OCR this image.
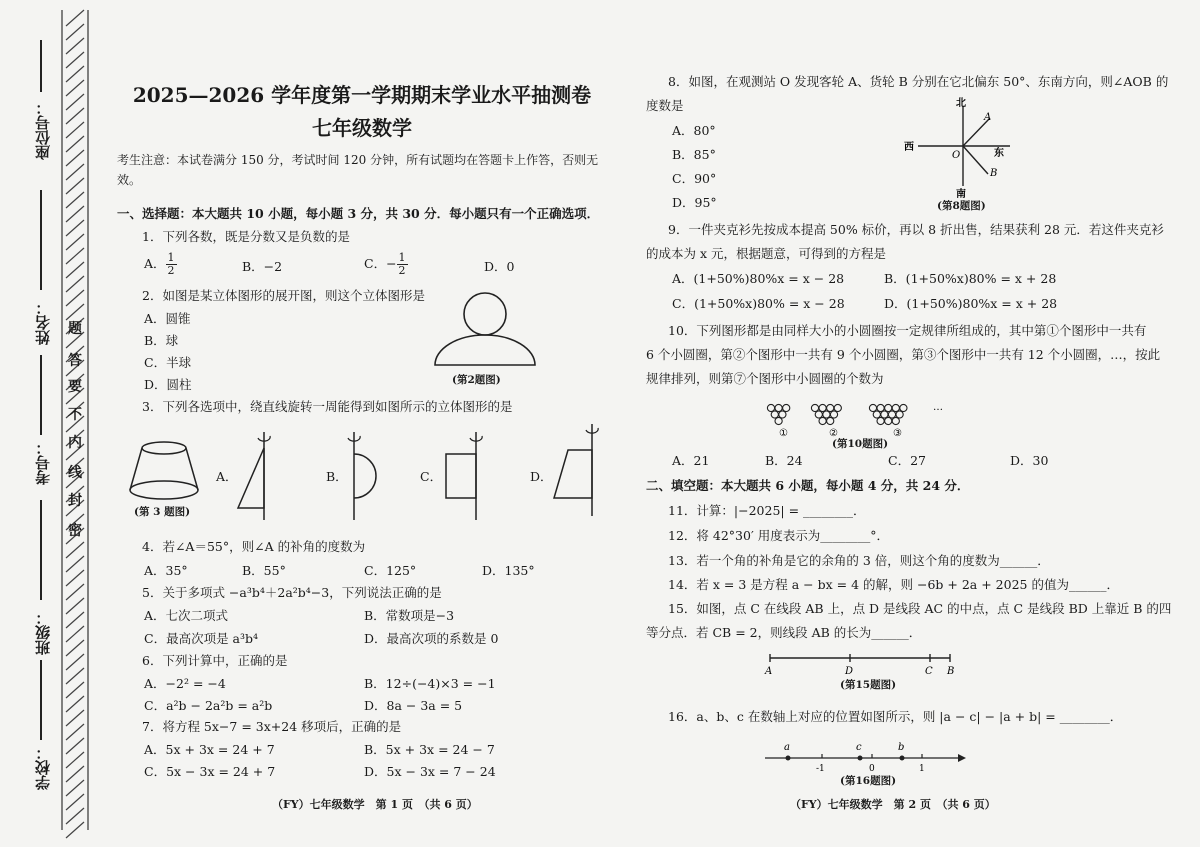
座位号：
姓名：
考号：
班级：
学校：
题
答
要
不
内
线
封
密
2025—2026 学年度第一学期期末学业水平抽测卷
七年级数学
考生注意：本试卷满分 150 分，考试时间 120 分钟，所有试题均在答题卡上作答，否则无效。
一、选择题：本大题共 10 小题，每小题 3 分，共 30 分．每小题只有一个正确选项．
1．下列各数，既是分数又是负数的是
A． $\frac{1}{2}$	B．−2	C．− $\frac{1}{2}$	D．0
2．如图是某立体图形的展开图，则这个立体图形是
A．圆锥
B．球
C．半球
D．圆柱	(第2题图)
3．下列各选项中，绕直线旋转一周能得到如图所示的立体图形的是
(第 3 题图)
A．	B．	C．	D．
4．若∠A＝55°，则∠A 的补角的度数为
A．35°	B．55°	C．125°	D．135°
5．关于多项式 −a³b⁴＋2a²b⁴−3，下列说法正确的是
A．七次二项式	B．常数项是−3
C．最高次项是 a³b⁴	D．最高次项的系数是 0
6．下列计算中，正确的是
A．−2² = −4	B．12÷(−4)×3 = −1
C．a²b − 2a²b = a²b	D．8a − 3a = 5
7．将方程 5x−7 = 3x+24 移项后，正确的是
A．5x + 3x = 24 + 7	B．5x + 3x = 24 − 7
C．5x − 3x = 24 + 7	D．5x − 3x = 7 − 24
（FY）七年级数学　第 1 页　（共 6 页）
8．如图，在观测站 O 发现客轮 A、货轮 B 分别在它北偏东 50°、东南方向，则∠AOB 的
度数是
A．80°
B．85°
C．90°
D．95°
北
南
西
东
O
A
B
(第8题图)
9．一件夹克衫先按成本提高 50% 标价，再以 8 折出售，结果获利 28 元．若这件夹克衫
的成本为 x 元，根据题意，可得到的方程是
A．(1+50%)80%x = x − 28	B．(1+50%x)80% = x + 28
C．(1+50%x)80% = x − 28	D．(1+50%)80%x = x + 28
10．下列图形都是由同样大小的小圆圈按一定规律所组成的，其中第①个图形中一共有
6 个小圆圈，第②个图形中一共有 9 个小圆圈，第③个图形中一共有 12 个小圆圈，…，按此
规律排列，则第⑦个图形中小圆圈的个数为
①	②	③
…
(第10题图)
A．21	B．24	C．27	D．30
二、填空题：本大题共 6 小题，每小题 4 分，共 24 分．
11．计算：|−2025| = ________．
12．将 42°30′ 用度表示为________°．
13．若一个角的补角是它的余角的 3 倍，则这个角的度数为______．
14．若 x = 3 是方程 a − bx = 4 的解，则 −6b + 2a + 2025 的值为______．
15．如图，点 C 在线段 AB 上，点 D 是线段 AC 的中点，点 C 是线段 BD 上靠近 B 的四
等分点．若 CB = 2，则线段 AB 的长为______．
A	D	C B
(第15题图)
16．a、b、c 在数轴上对应的位置如图所示，则 |a − c| − |a + b| = ________．
a	c	b
-1	0	1
(第16题图)
（FY）七年级数学　第 2 页　（共 6 页）
